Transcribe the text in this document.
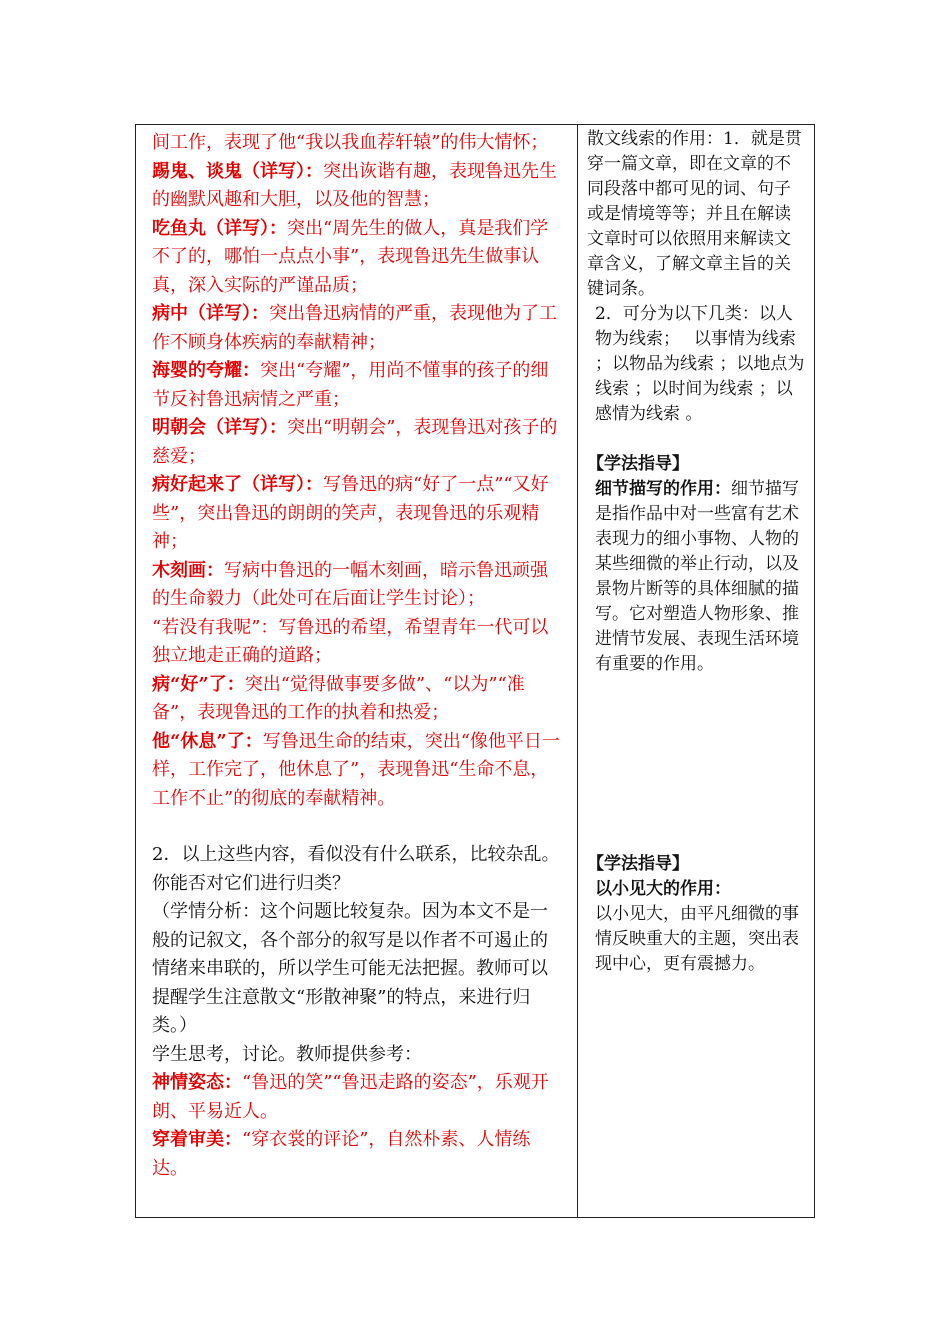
间工作，表现了他“我以我血荐轩辕”的伟大情怀；

踢鬼、谈鬼（详写）：突出诙谐有趣，表现鲁迅先生的幽默风趣和大胆，以及他的智慧；

吃鱼丸（详写）：突出“周先生的做人，真是我们学不了的，哪怕一点点小事”，表现鲁迅先生做事认真，深入实际的严谨品质；

病中（详写）：突出鲁迅病情的严重，表现他为了工作不顾身体疾病的奉献精神；

海婴的夸耀：突出“夸耀”，用尚不懂事的孩子的细节反衬鲁迅病情之严重；

明朝会（详写）：突出“明朝会”，表现鲁迅对孩子的慈爱；

病好起来了（详写）：写鲁迅的病“好了一点”“又好些”，突出鲁迅的朗朗的笑声，表现鲁迅的乐观精神；

木刻画：写病中鲁迅的一幅木刻画，暗示鲁迅顽强的生命毅力（此处可在后面让学生讨论）；

“若没有我呢”：写鲁迅的希望，希望青年一代可以独立地走正确的道路；

病“好”了：突出“觉得做事要多做”、“以为”“准备”，表现鲁迅的工作的执着和热爱；

他“休息”了：写鲁迅生命的结束，突出“像他平日一样，工作完了，他休息了”，表现鲁迅“生命不息，工作不止”的彻底的奉献精神。

2．以上这些内容，看似没有什么联系，比较杂乱。你能否对它们进行归类？

（学情分析：这个问题比较复杂。因为本文不是一般的记叙文，各个部分的叙写是以作者不可遏止的情绪来串联的，所以学生可能无法把握。教师可以提醒学生注意散文“形散神聚”的特点，来进行归类。）

学生思考，讨论。教师提供参考：

神情姿态：“鲁迅的笑”“鲁迅走路的姿态”，乐观开朗、平易近人。

穿着审美：“穿衣裳的评论”，自然朴素、人情练达。

散文线索的作用：1．就是贯穿一篇文章，即在文章的不同段落中都可见的词、句子或是情境等等；并且在解读文章时可以依照用来解读文章含义，了解文章主旨的关键词条。

2．可分为以下几类：以人物为线索；　 以事情为线索 ；以物品为线索 ；以地点为线索 ；以时间为线索 ；以感情为线索 。

【学法指导】

细节描写的作用：细节描写是指作品中对一些富有艺术表现力的细小事物、人物的某些细微的举止行动，以及景物片断等的具体细腻的描写。它对塑造人物形象、推进情节发展、表现生活环境有重要的作用。

【学法指导】

以小见大的作用：

以小见大，由平凡细微的事情反映重大的主题，突出表现中心，更有震撼力。
